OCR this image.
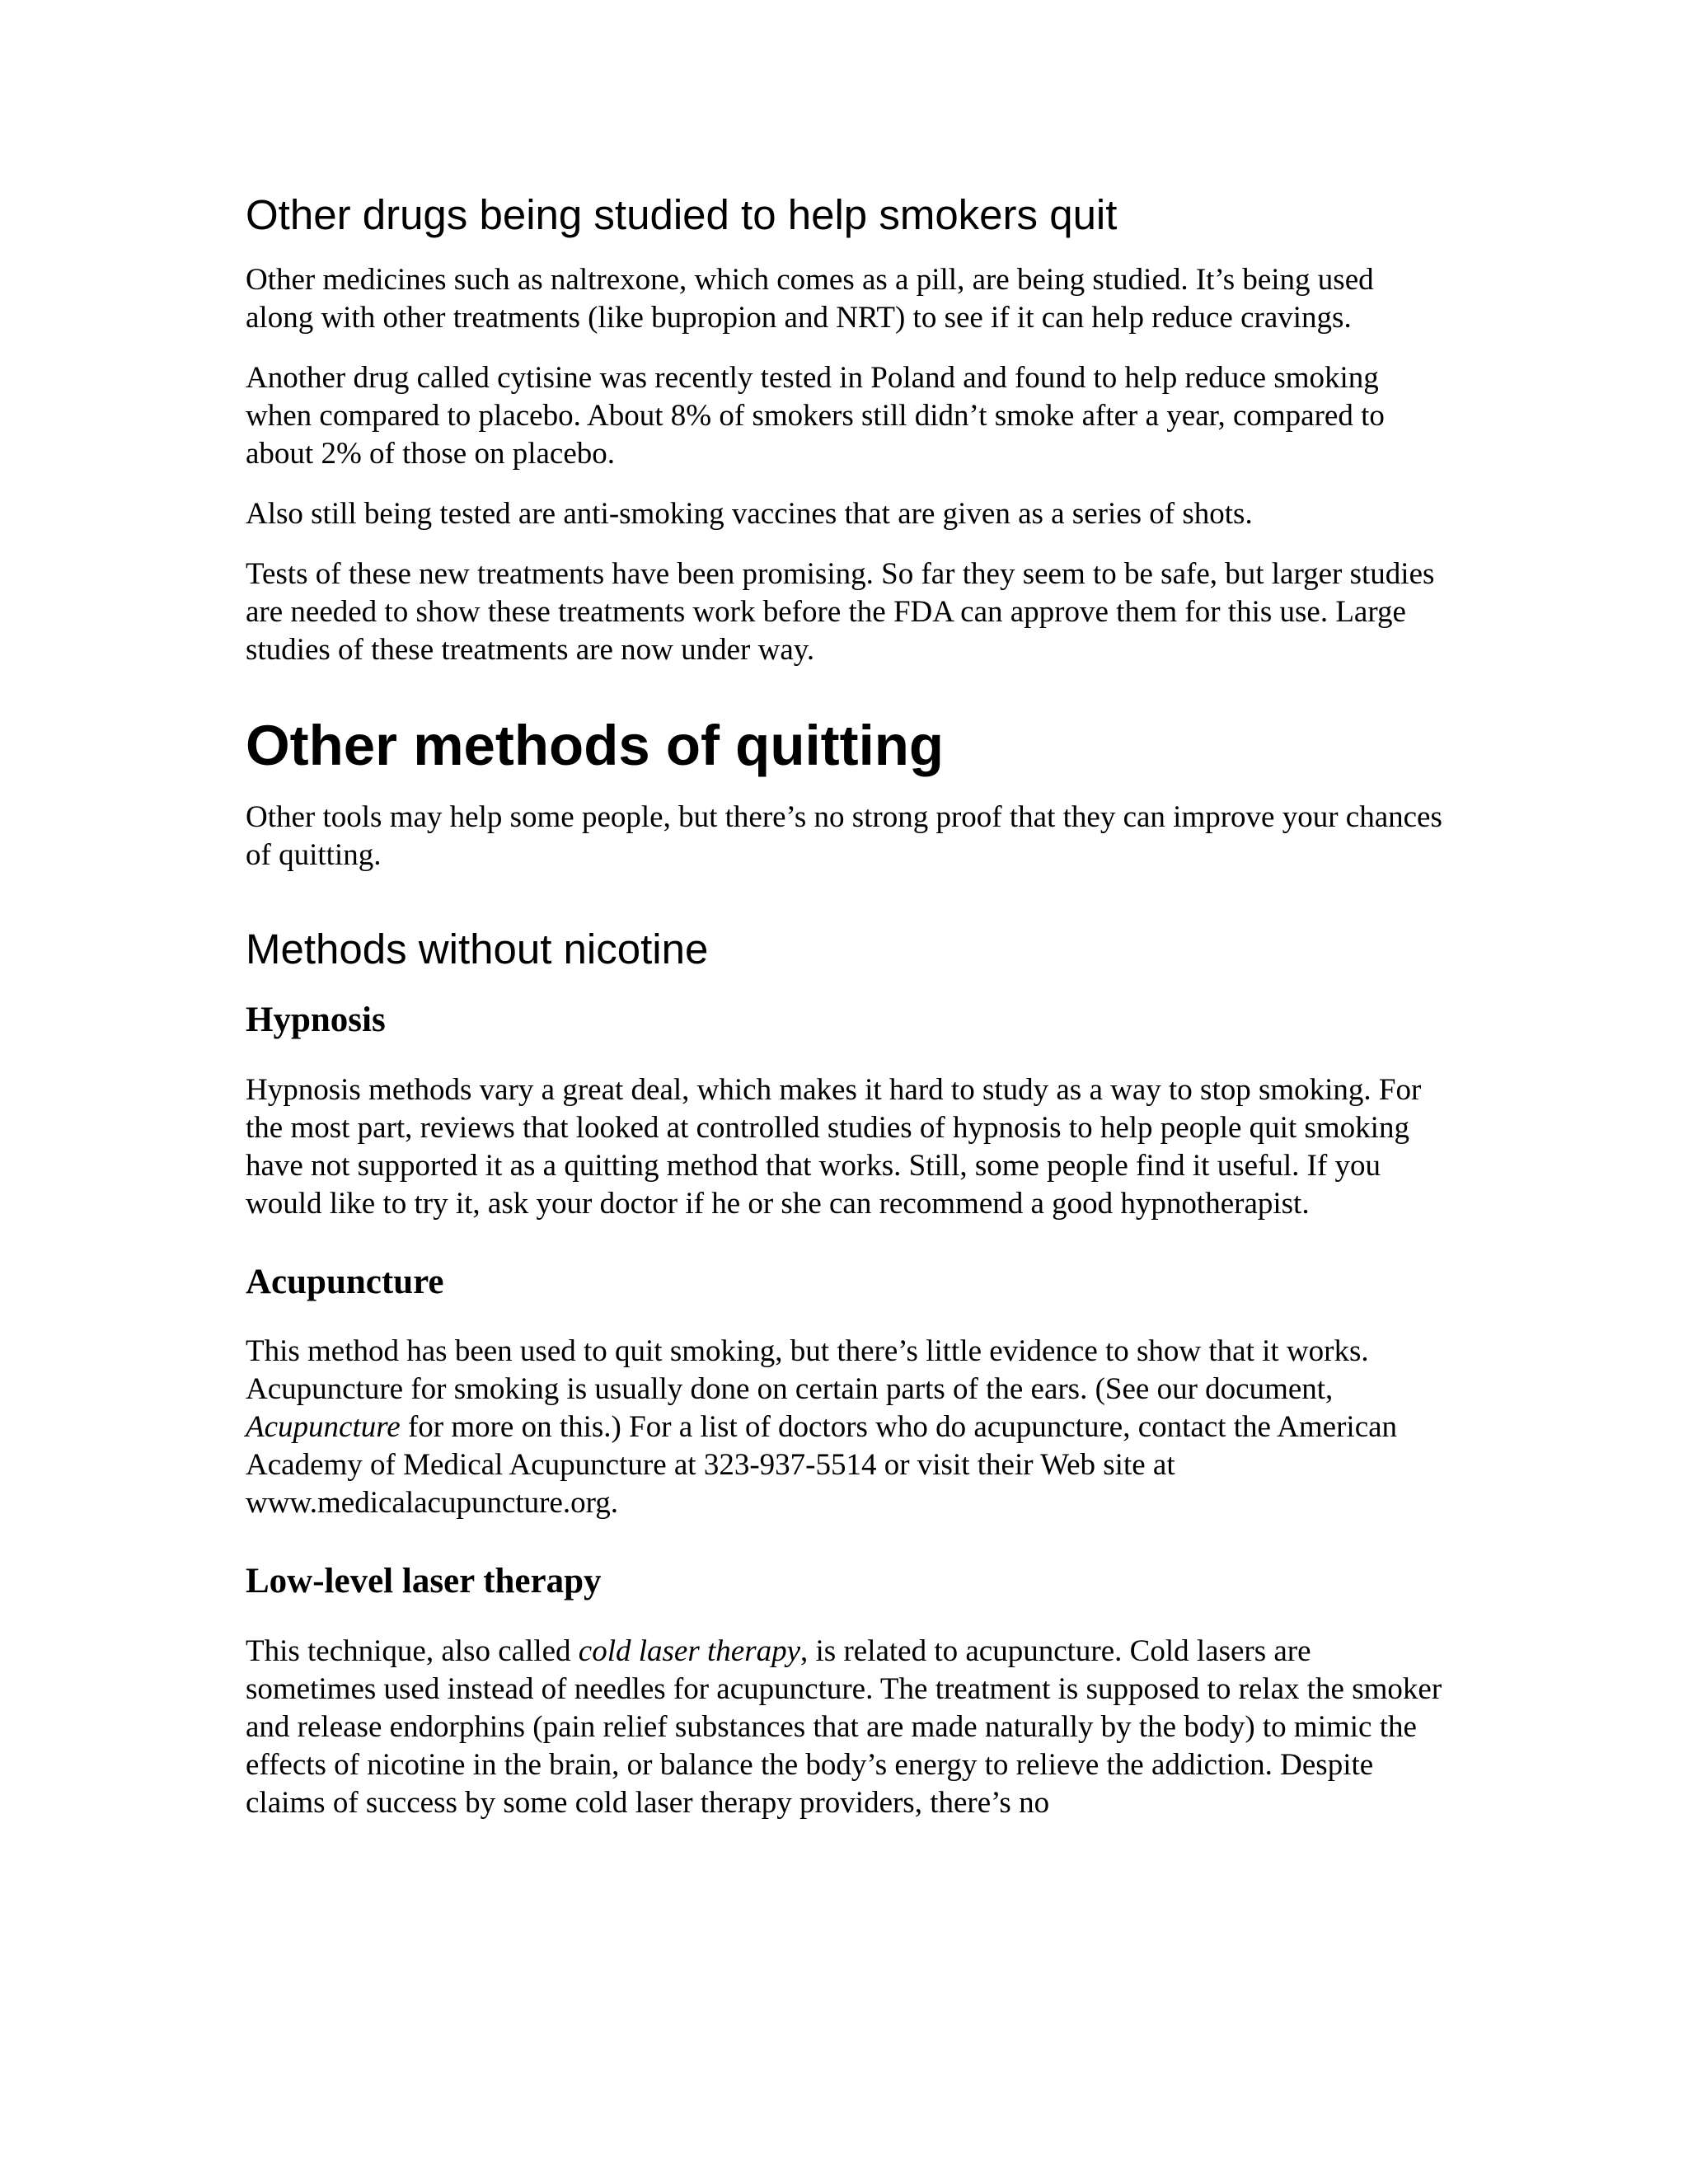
Other drugs being studied to help smokers quit

Other medicines such as naltrexone, which comes as a pill, are being studied. It’s being used along with other treatments (like bupropion and NRT) to see if it can help reduce cravings.

Another drug called cytisine was recently tested in Poland and found to help reduce smoking when compared to placebo. About 8% of smokers still didn’t smoke after a year, compared to about 2% of those on placebo.

Also still being tested are anti-smoking vaccines that are given as a series of shots.

Tests of these new treatments have been promising. So far they seem to be safe, but larger studies are needed to show these treatments work before the FDA can approve them for this use. Large studies of these treatments are now under way.

Other methods of quitting

Other tools may help some people, but there’s no strong proof that they can improve your chances of quitting.

Methods without nicotine
Hypnosis

Hypnosis methods vary a great deal, which makes it hard to study as a way to stop smoking. For the most part, reviews that looked at controlled studies of hypnosis to help people quit smoking have not supported it as a quitting method that works. Still, some people find it useful. If you would like to try it, ask your doctor if he or she can recommend a good hypnotherapist.

Acupuncture

This method has been used to quit smoking, but there’s little evidence to show that it works. Acupuncture for smoking is usually done on certain parts of the ears. (See our document, Acupuncture for more on this.) For a list of doctors who do acupuncture, contact the American Academy of Medical Acupuncture at 323-937-5514 or visit their Web site at www.medicalacupuncture.org.

Low-level laser therapy

This technique, also called cold laser therapy, is related to acupuncture. Cold lasers are sometimes used instead of needles for acupuncture. The treatment is supposed to relax the smoker and release endorphins (pain relief substances that are made naturally by the body) to mimic the effects of nicotine in the brain, or balance the body’s energy to relieve the addiction. Despite claims of success by some cold laser therapy providers, there’s no
